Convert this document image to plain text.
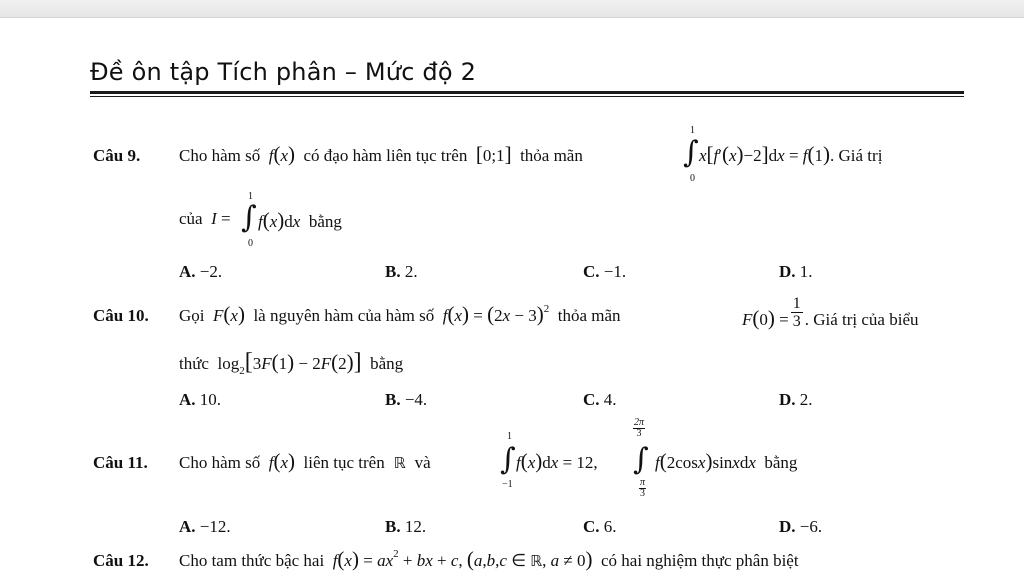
Đề ôn tập Tích phân – Mức độ 2
Câu 9. Cho hàm số f(x) có đạo hàm liên tục trên [0;1] thỏa mãn
1
∫
0
x[f′(x)−2]dx = f(1). Giá trị
của I =
1
∫
0
f(x)dx bằng
A. −2.	B. 2.	C. −1.	D. 1.
Câu 10. Gọi F(x) là nguyên hàm của hàm số $f(x) = (2x - 3)^2$ thỏa mãn	$F(0) = \frac{1}{3}$ . Giá trị của biểu
thức  $\log_2[3F(1) - 2F(2)]$ bằng
A. 10.	B. −4.	C. 4.	D. 2.
Câu 11. Cho hàm số f(x) liên tục trên  ℝ  và
1
∫
−1
f(x)dx = 12,
2π
3
∫
π
3
f(2cosx)sinxdx bằng
A. −12.	B. 12.	C. 6.	D. −6.
Câu 12. Cho tam thức bậc hai $f(x) = ax^2$ + bx + c, (a,b,c ∈ ℝ, a ≠ 0) có hai nghiệm thực phân biệt
